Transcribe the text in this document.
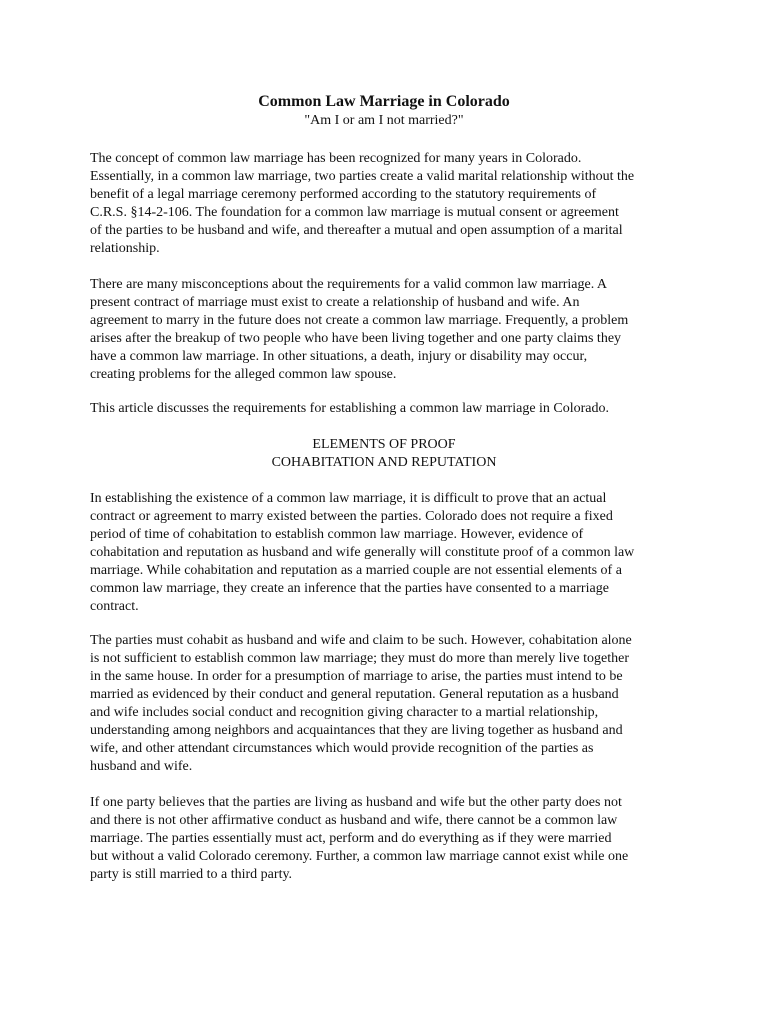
Common Law Marriage in Colorado

"Am I or am I not married?"

The concept of common law marriage has been recognized for many years in Colorado.
Essentially, in a common law marriage, two parties create a valid marital relationship without the
benefit of a legal marriage ceremony performed according to the statutory requirements of
C.R.S. §14-2-106. The foundation for a common law marriage is mutual consent or agreement
of the parties to be husband and wife, and thereafter a mutual and open assumption of a marital
relationship.

There are many misconceptions about the requirements for a valid common law marriage. A
present contract of marriage must exist to create a relationship of husband and wife. An
agreement to marry in the future does not create a common law marriage. Frequently, a problem
arises after the breakup of two people who have been living together and one party claims they
have a common law marriage. In other situations, a death, injury or disability may occur,
creating problems for the alleged common law spouse.

This article discusses the requirements for establishing a common law marriage in Colorado.

ELEMENTS OF PROOF

COHABITATION AND REPUTATION

In establishing the existence of a common law marriage, it is difficult to prove that an actual
contract or agreement to marry existed between the parties. Colorado does not require a fixed
period of time of cohabitation to establish common law marriage. However, evidence of
cohabitation and reputation as husband and wife generally will constitute proof of a common law
marriage. While cohabitation and reputation as a married couple are not essential elements of a
common law marriage, they create an inference that the parties have consented to a marriage
contract.

The parties must cohabit as husband and wife and claim to be such. However, cohabitation alone
is not sufficient to establish common law marriage; they must do more than merely live together
in the same house. In order for a presumption of marriage to arise, the parties must intend to be
married as evidenced by their conduct and general reputation. General reputation as a husband
and wife includes social conduct and recognition giving character to a martial relationship,
understanding among neighbors and acquaintances that they are living together as husband and
wife, and other attendant circumstances which would provide recognition of the parties as
husband and wife.

If one party believes that the parties are living as husband and wife but the other party does not
and there is not other affirmative conduct as husband and wife, there cannot be a common law
marriage. The parties essentially must act, perform and do everything as if they were married
but without a valid Colorado ceremony. Further, a common law marriage cannot exist while one
party is still married to a third party.
